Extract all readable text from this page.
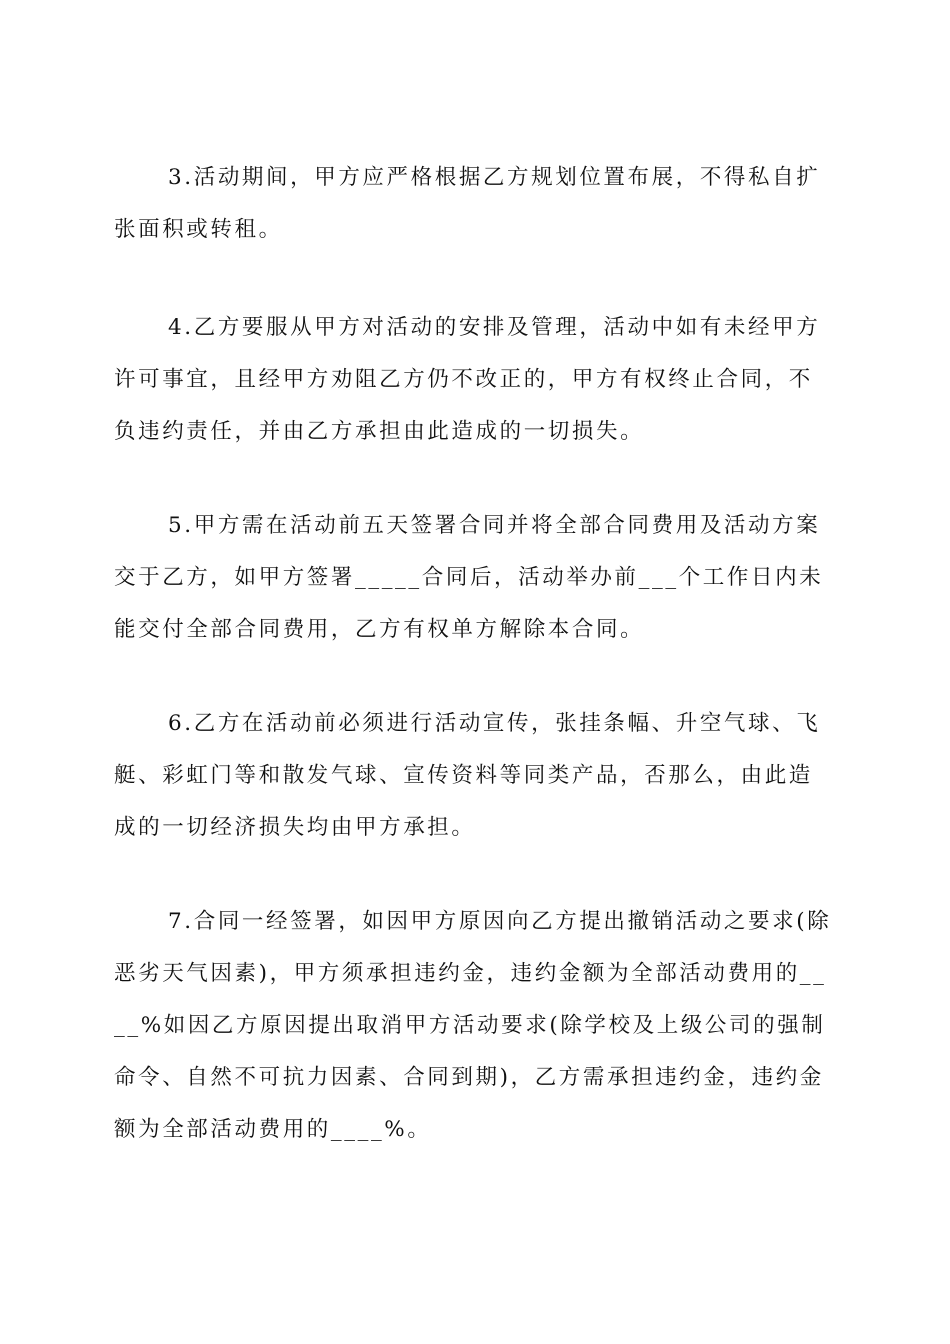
3.活动期间，甲方应严格根据乙方规划位置布展，不得私自扩
张面积或转租。
4.乙方要服从甲方对活动的安排及管理，活动中如有未经甲方
许可事宜，且经甲方劝阻乙方仍不改正的，甲方有权终止合同，不
负违约责任，并由乙方承担由此造成的一切损失。
5.甲方需在活动前五天签署合同并将全部合同费用及活动方案
交于乙方，如甲方签署_____合同后，活动举办前___个工作日内未
能交付全部合同费用，乙方有权单方解除本合同。
6.乙方在活动前必须进行活动宣传，张挂条幅、升空气球、飞
艇、彩虹门等和散发气球、宣传资料等同类产品，否那么，由此造
成的一切经济损失均由甲方承担。
7.合同一经签署，如因甲方原因向乙方提出撤销活动之要求(除
恶劣天气因素)，甲方须承担违约金，违约金额为全部活动费用的__
__%如因乙方原因提出取消甲方活动要求(除学校及上级公司的强制
命令、自然不可抗力因素、合同到期)，乙方需承担违约金，违约金
额为全部活动费用的____%。
